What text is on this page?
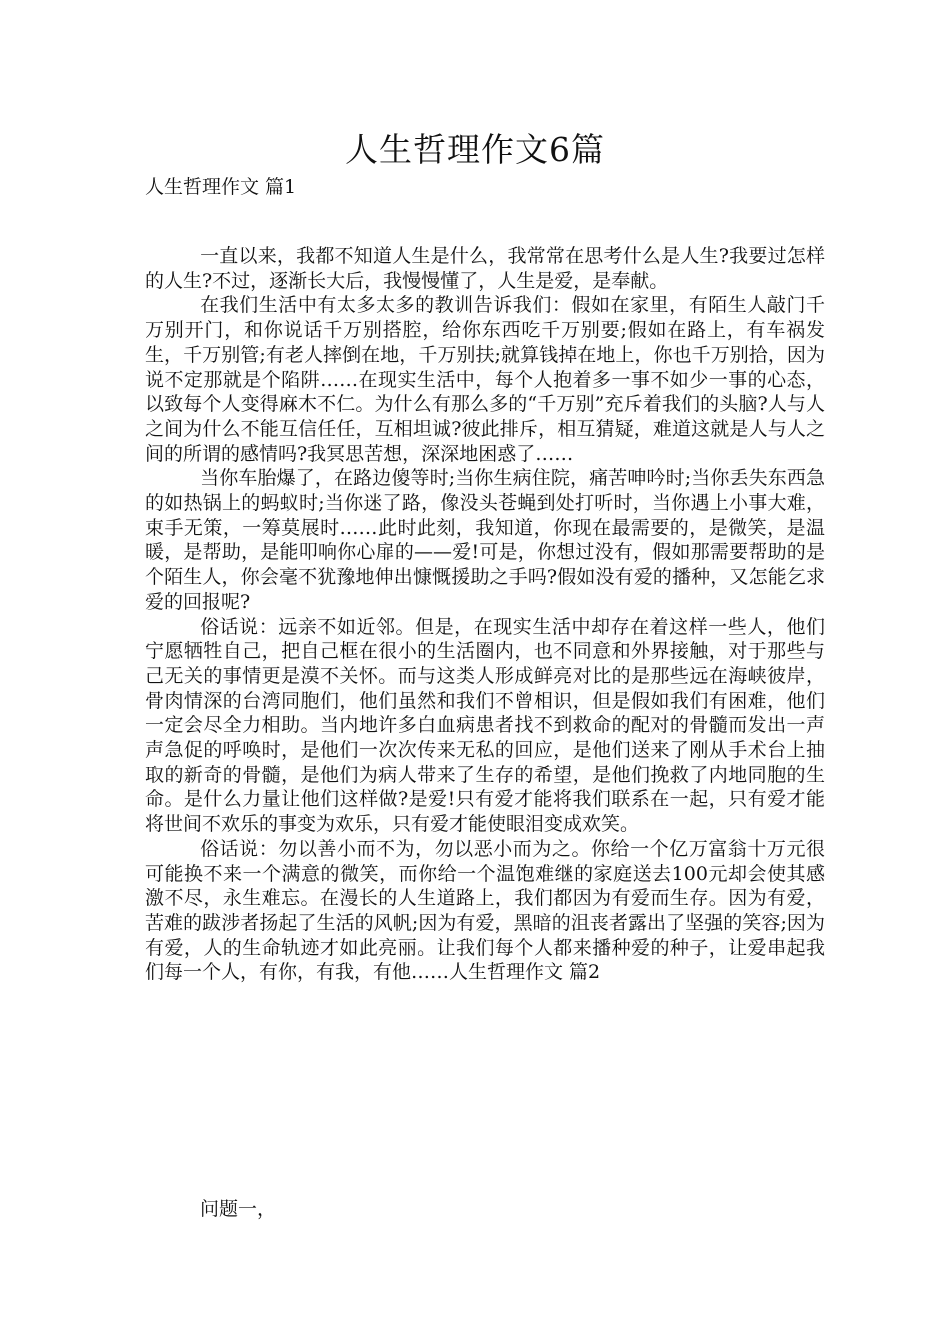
人生哲理作文6篇
人生哲理作文 篇1

一直以来，我都不知道人生是什么，我常常在思考什么是人生?我要过怎样的人生?不过，逐渐长大后，我慢慢懂了，人生是爱，是奉献。

在我们生活中有太多太多的教训告诉我们：假如在家里，有陌生人敲门千万别开门，和你说话千万别搭腔，给你东西吃千万别要;假如在路上，有车祸发生，千万别管;有老人摔倒在地，千万别扶;就算钱掉在地上，你也千万别拾，因为说不定那就是个陷阱……在现实生活中，每个人抱着多一事不如少一事的心态，以致每个人变得麻木不仁。为什么有那么多的“千万别”充斥着我们的头脑?人与人之间为什么不能互信任任，互相坦诚?彼此排斥，相互猜疑，难道这就是人与人之间的所谓的感情吗?我冥思苦想，深深地困惑了……

当你车胎爆了，在路边傻等时;当你生病住院，痛苦呻吟时;当你丢失东西急的如热锅上的蚂蚁时;当你迷了路，像没头苍蝇到处打听时，当你遇上小事大难，束手无策，一筹莫展时……此时此刻，我知道，你现在最需要的，是微笑，是温暖，是帮助，是能叩响你心扉的——爱!可是，你想过没有，假如那需要帮助的是个陌生人，你会毫不犹豫地伸出慷慨援助之手吗?假如没有爱的播种，又怎能乞求爱的回报呢?

俗话说：远亲不如近邻。但是，在现实生活中却存在着这样一些人，他们宁愿牺牲自己，把自己框在很小的生活圈内，也不同意和外界接触，对于那些与己无关的事情更是漠不关怀。而与这类人形成鲜亮对比的是那些远在海峡彼岸，骨肉情深的台湾同胞们，他们虽然和我们不曾相识，但是假如我们有困难，他们一定会尽全力相助。当内地许多白血病患者找不到救命的配对的骨髓而发出一声声急促的呼唤时，是他们一次次传来无私的回应，是他们送来了刚从手术台上抽取的新奇的骨髓，是他们为病人带来了生存的希望，是他们挽救了内地同胞的生命。是什么力量让他们这样做?是爱!只有爱才能将我们联系在一起，只有爱才能将世间不欢乐的事变为欢乐，只有爱才能使眼泪变成欢笑。

俗话说：勿以善小而不为，勿以恶小而为之。你给一个亿万富翁十万元很可能换不来一个满意的微笑，而你给一个温饱难继的家庭送去100元却会使其感激不尽，永生难忘。在漫长的人生道路上，我们都因为有爱而生存。因为有爱，苦难的跋涉者扬起了生活的风帆;因为有爱，黑暗的沮丧者露出了坚强的笑容;因为有爱，人的生命轨迹才如此亮丽。让我们每个人都来播种爱的种子，让爱串起我们每一个人，有你，有我，有他……人生哲理作文 篇2

问题一，
